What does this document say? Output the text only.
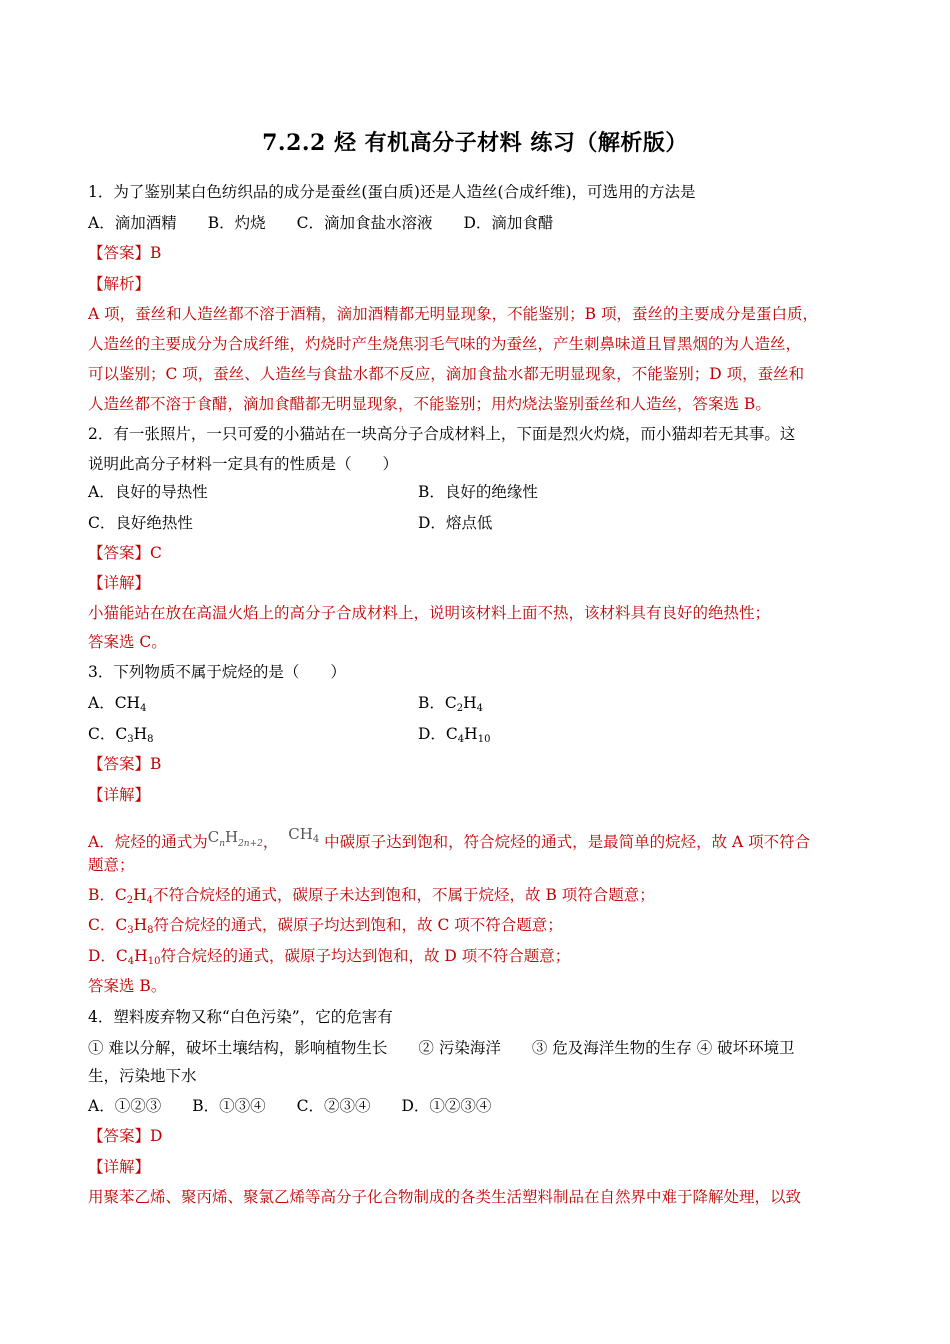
7.2.2 烃 有机高分子材料 练习（解析版）
1．为了鉴别某白色纺织品的成分是蚕丝(蛋白质)还是人造丝(合成纤维)，可选用的方法是
A．滴加酒精　　B．灼烧　　C．滴加食盐水溶液　　D．滴加食醋
【答案】B
【解析】
A 项，蚕丝和人造丝都不溶于酒精，滴加酒精都无明显现象，不能鉴别；B 项，蚕丝的主要成分是蛋白质，
人造丝的主要成分为合成纤维，灼烧时产生烧焦羽毛气味的为蚕丝，产生刺鼻味道且冒黑烟的为人造丝，
可以鉴别；C 项，蚕丝、人造丝与食盐水都不反应，滴加食盐水都无明显现象，不能鉴别；D 项，蚕丝和
人造丝都不溶于食醋，滴加食醋都无明显现象，不能鉴别；用灼烧法鉴别蚕丝和人造丝，答案选 B。
2．有一张照片，一只可爱的小猫站在一块高分子合成材料上，下面是烈火灼烧，而小猫却若无其事。这
说明此高分子材料一定具有的性质是（　　）
A．良好的导热性	B．良好的绝缘性
C．良好绝热性	D．熔点低
【答案】C
【详解】
小猫能站在放在高温火焰上的高分子合成材料上，说明该材料上面不热，该材料具有良好的绝热性；
答案选 C。
3．下列物质不属于烷烃的是（　　）
A．$CH_4$	B．$C_2H_4$
C．$C_3H_8$	D．$C_4H_{10}$
【答案】B
【详解】
A．烷烃的通式为$C_nH_{2n+2}$， $CH_4$ 中碳原子达到饱和，符合烷烃的通式，是最简单的烷烃，故 A 项不符合
题意；
B．$C_2H_4$不符合烷烃的通式，碳原子未达到饱和，不属于烷烃，故 B 项符合题意；
C．$C_3H_8$符合烷烃的通式，碳原子均达到饱和，故 C 项不符合题意；
D．$C_4H_{10}$符合烷烃的通式，碳原子均达到饱和，故 D 项不符合题意；
答案选 B。
4．塑料废弃物又称“白色污染”，它的危害有
① 难以分解，破坏土壤结构，影响植物生长　　② 污染海洋　　③ 危及海洋生物的生存 ④ 破坏环境卫
生，污染地下水
A．①②③　　B．①③④　　C．②③④　　D．①②③④
【答案】D
【详解】
用聚苯乙烯、聚丙烯、聚氯乙烯等高分子化合物制成的各类生活塑料制品在自然界中难于降解处理，以致
